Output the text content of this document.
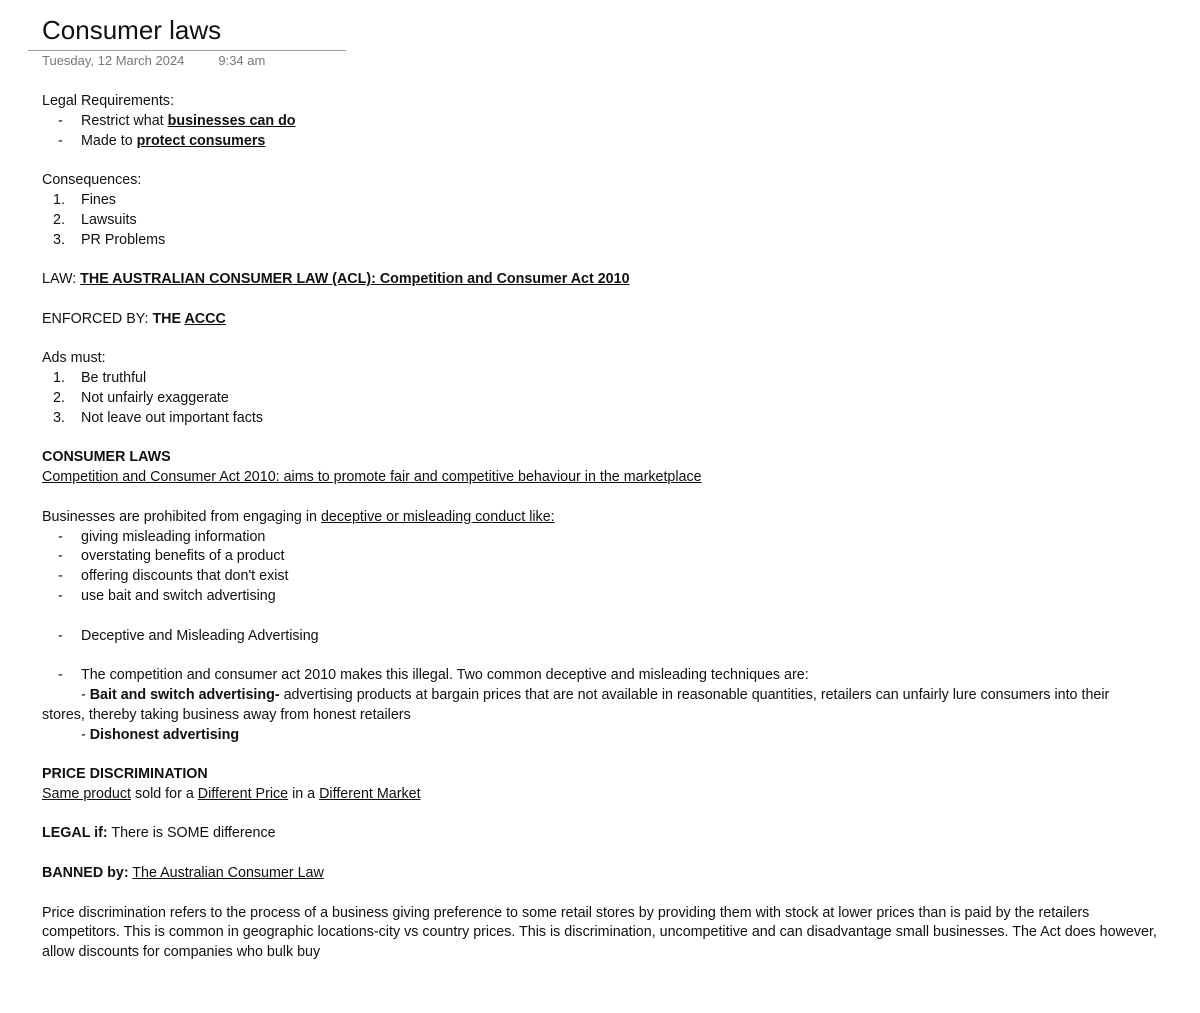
Consumer laws
Tuesday, 12 March 2024	9:34 am
Legal Requirements:
-	Restrict what businesses can do
-	Made to protect consumers
Consequences:
1.	Fines
2.	Lawsuits
3.	PR Problems
LAW: THE AUSTRALIAN CONSUMER LAW (ACL): Competition and Consumer Act 2010
ENFORCED BY: THE ACCC
Ads must:
1.	Be truthful
2.	Not unfairly exaggerate
3.	Not leave out important facts
CONSUMER LAWS
Competition and Consumer Act 2010: aims to promote fair and competitive behaviour in the marketplace
Businesses are prohibited from engaging in deceptive or misleading conduct like:
-	giving misleading information
-	overstating benefits of a product
-	offering discounts that don't exist
-	use bait and switch advertising
-	Deceptive and Misleading Advertising
-	The competition and consumer act 2010 makes this illegal. Two common deceptive and misleading techniques are:
- Bait and switch advertising- advertising products at bargain prices that are not available in reasonable quantities, retailers can unfairly lure consumers into their
stores, thereby taking business away from honest retailers
- Dishonest advertising
PRICE DISCRIMINATION
Same product sold for a Different Price in a Different Market
LEGAL if: There is SOME difference
BANNED by: The Australian Consumer Law
Price discrimination refers to the process of a business giving preference to some retail stores by providing them with stock at lower prices than is paid by the retailers competitors. This is common in geographic locations-city vs country prices. This is discrimination, uncompetitive and can disadvantage small businesses. The Act does however, allow discounts for companies who bulk buy
